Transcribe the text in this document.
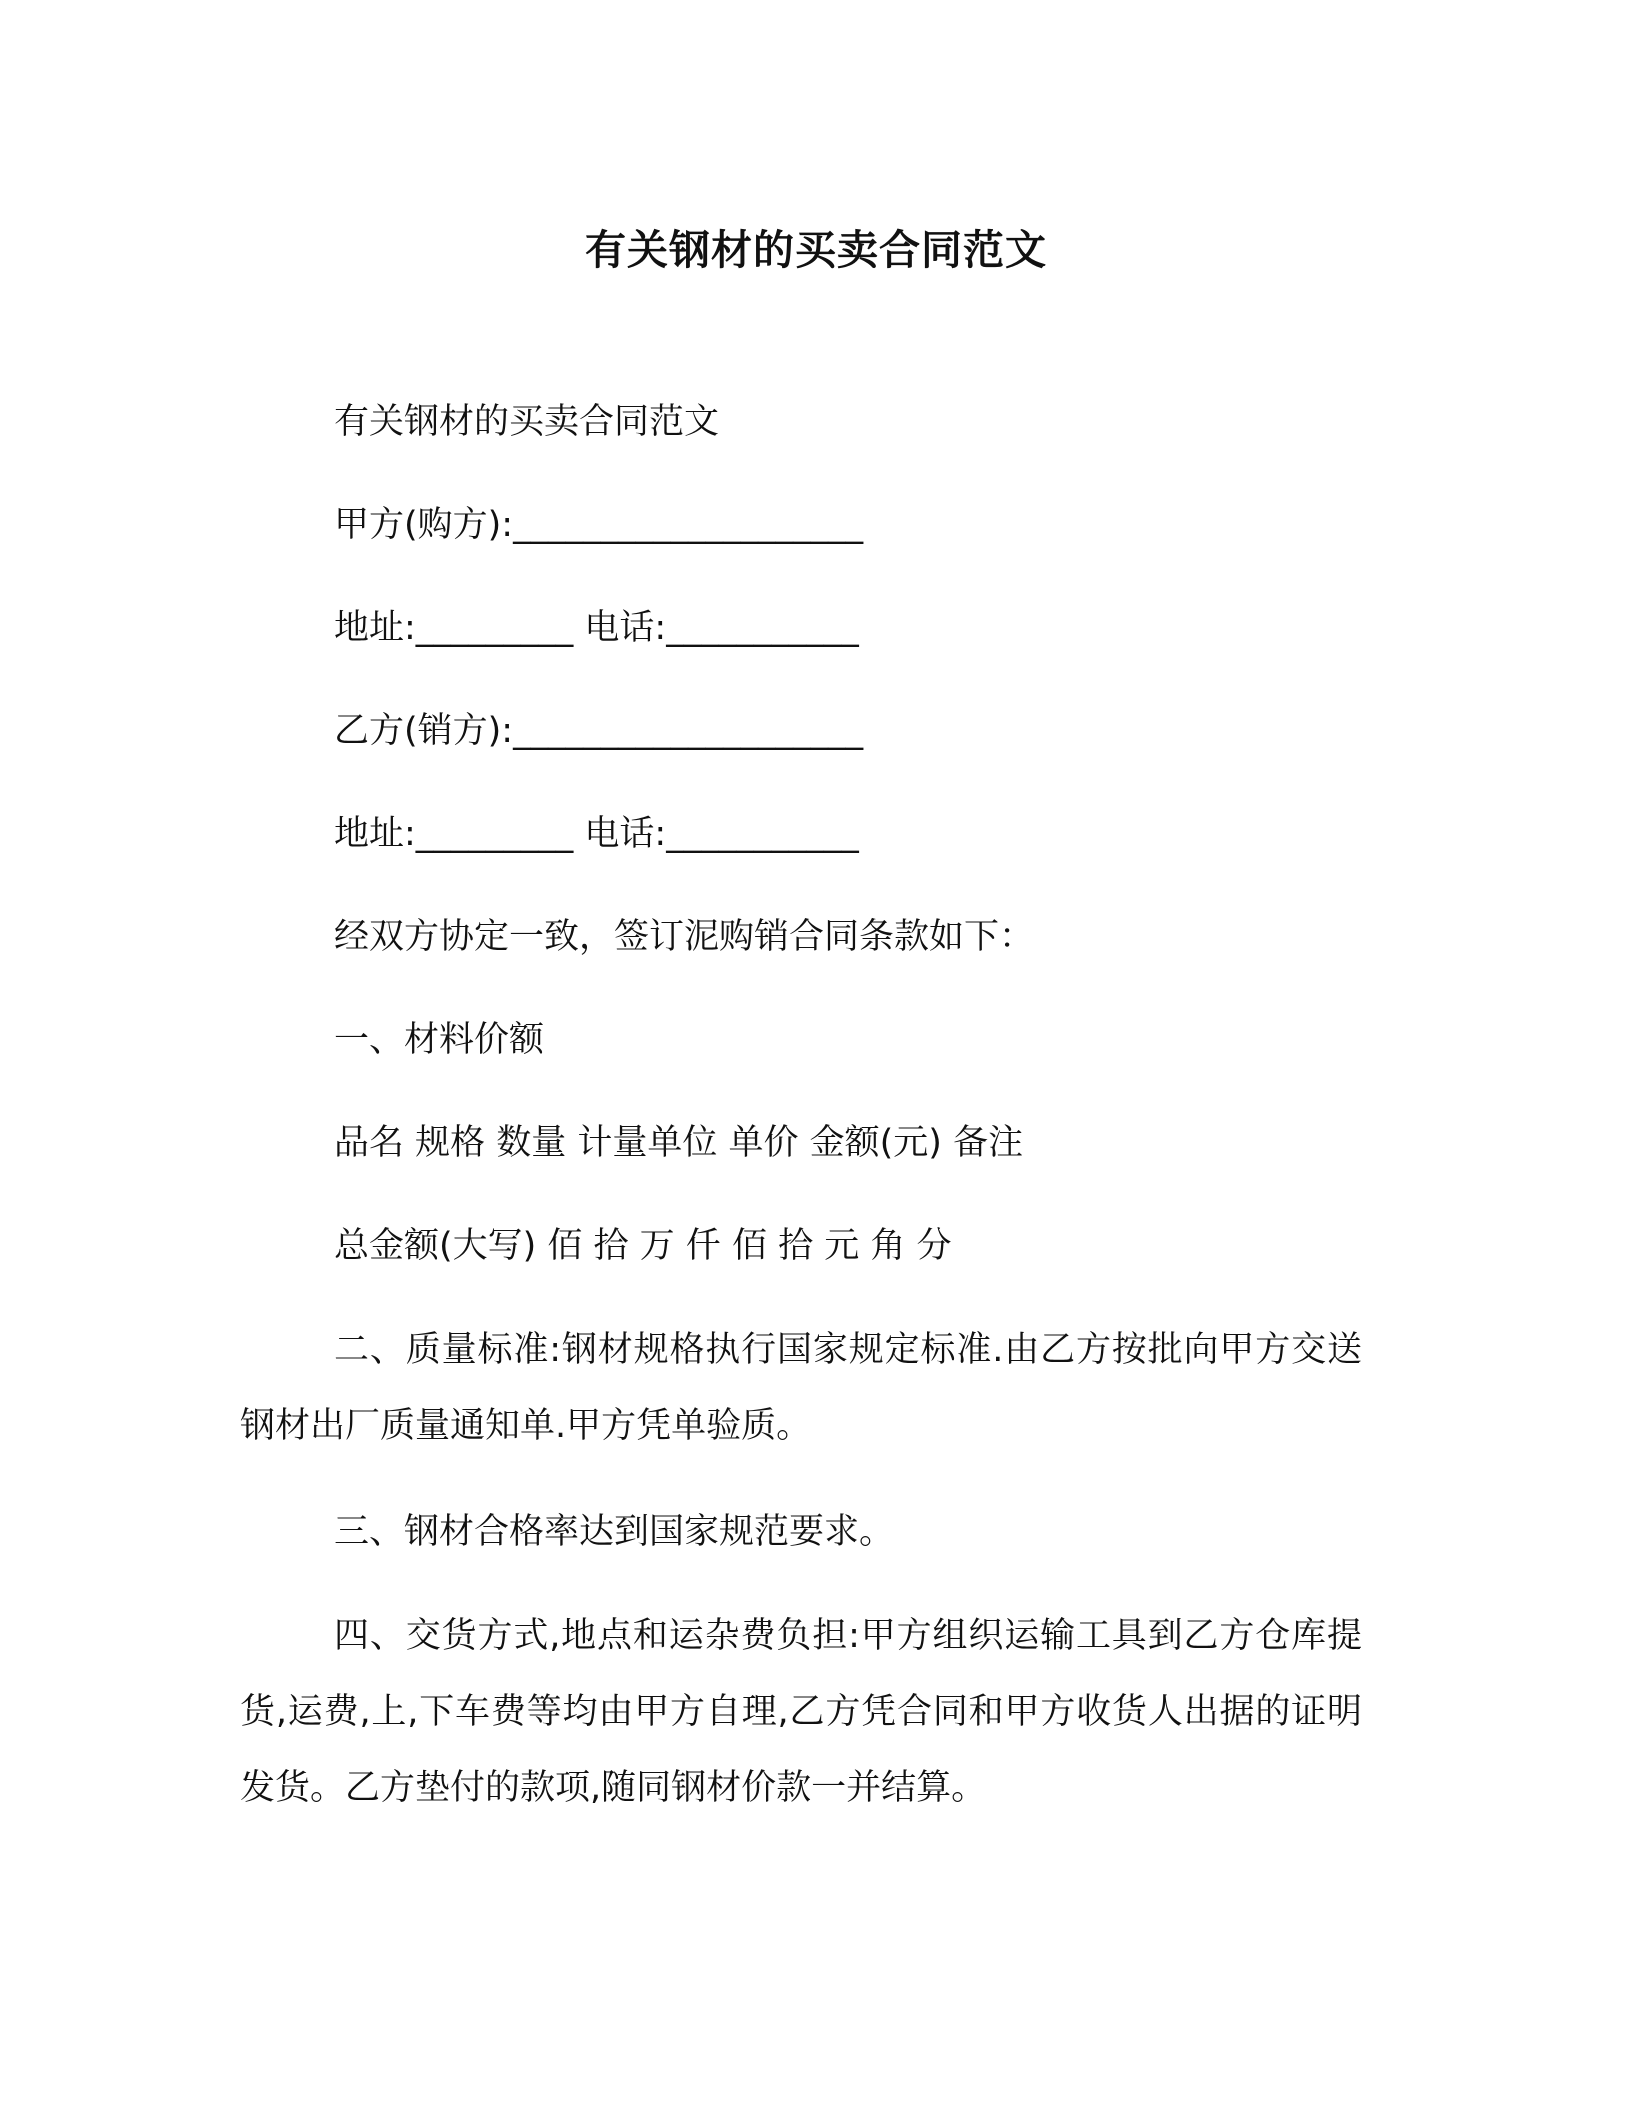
有关钢材的买卖合同范文
有关钢材的买卖合同范文
甲方(购方):____________________
地址:_________ 电话:___________
乙方(销方):____________________
地址:_________ 电话:___________
经双方协定一致，签订泥购销合同条款如下：
一、材料价额
品名 规格 数量 计量单位 单价 金额(元) 备注
总金额(大写) 佰 拾 万 仟 佰 拾 元 角 分
二、质量标准:钢材规格执行国家规定标准.由乙方按批向甲方交送钢材出厂质量通知单.甲方凭单验质。
三、钢材合格率达到国家规范要求。
四、交货方式,地点和运杂费负担:甲方组织运输工具到乙方仓库提货,运费,上,下车费等均由甲方自理,乙方凭合同和甲方收货人出据的证明发货。乙方垫付的款项,随同钢材价款一并结算。
